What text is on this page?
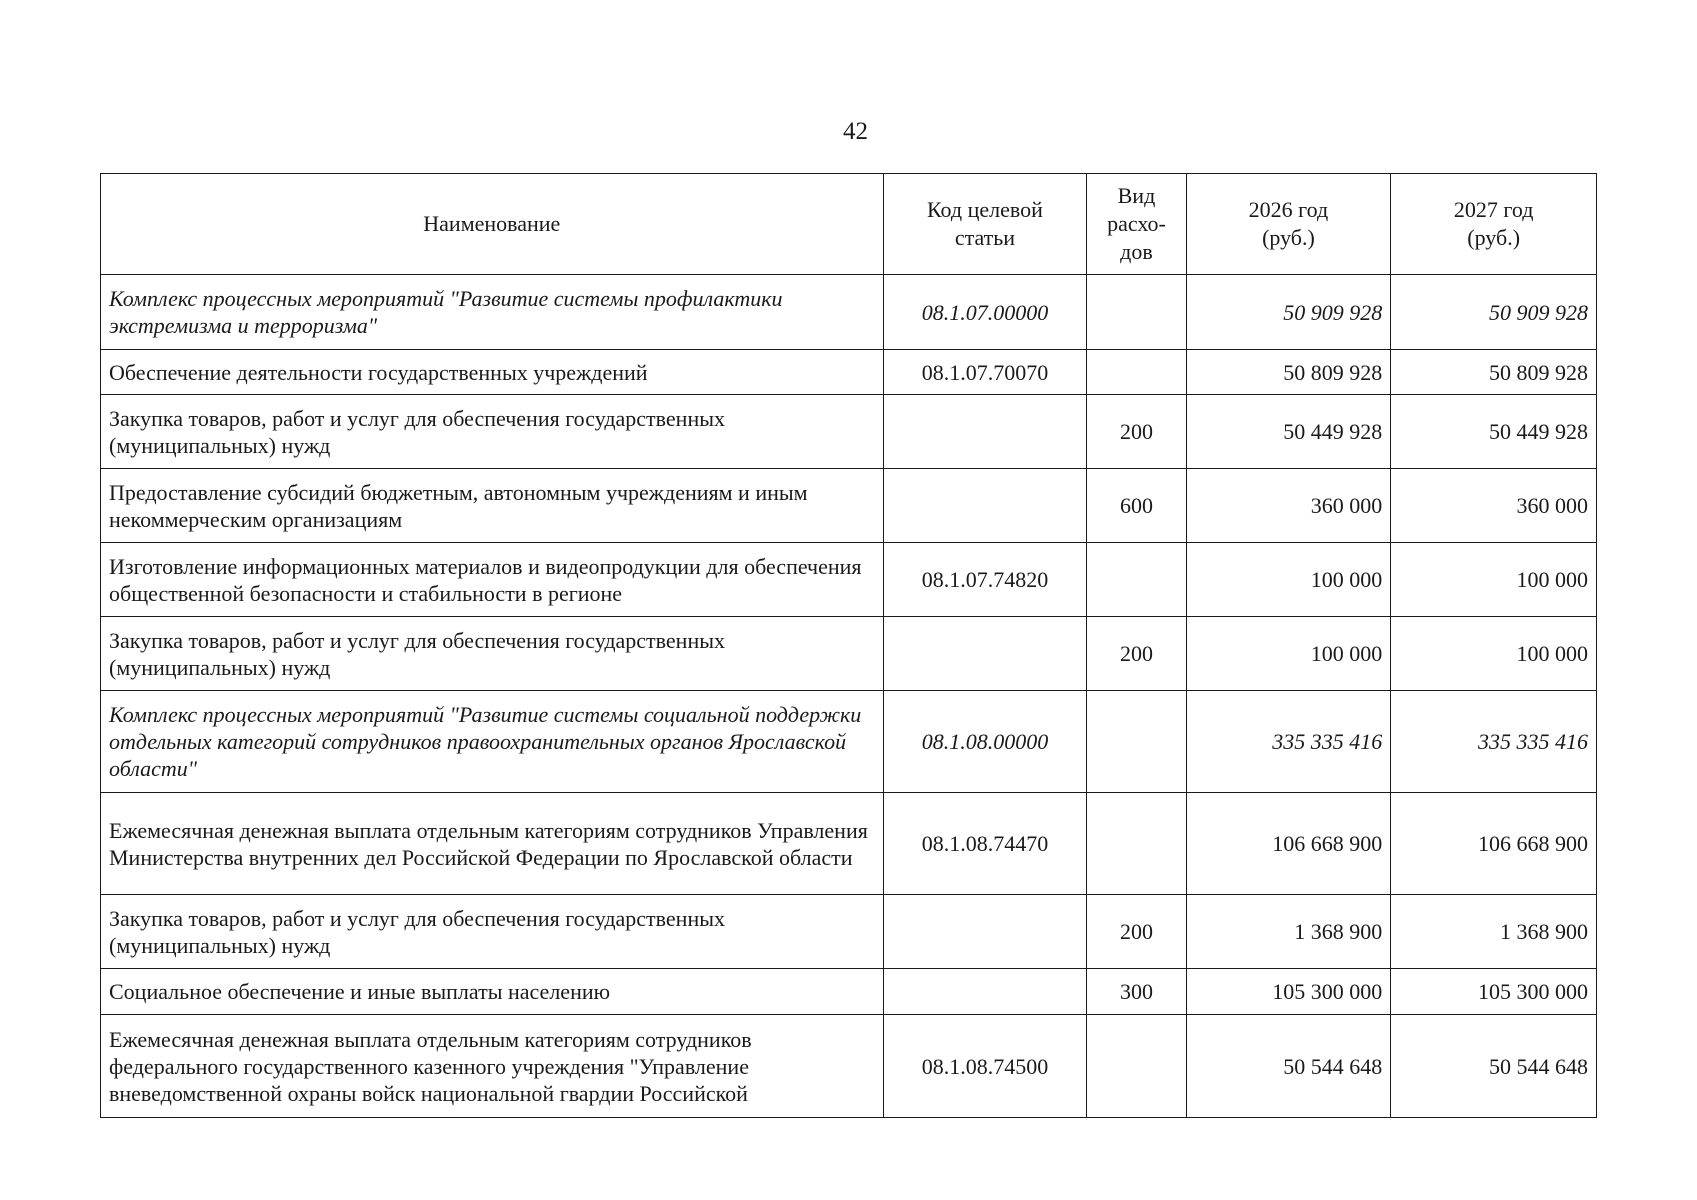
42
Наименование	Код целевой статьи	Вид расхо-дов	2026 год (руб.)	2027 год (руб.)
Комплекс процессных мероприятий "Развитие системы профилактики экстремизма и терроризма"	08.1.07.00000		50 909 928	50 909 928
Обеспечение деятельности государственных учреждений	08.1.07.70070		50 809 928	50 809 928
Закупка товаров, работ и услуг для обеспечения государственных (муниципальных) нужд		200	50 449 928	50 449 928
Предоставление субсидий бюджетным, автономным учреждениям и иным некоммерческим организациям		600	360 000	360 000
Изготовление информационных материалов и видеопродукции для обеспечения общественной безопасности и стабильности в регионе	08.1.07.74820		100 000	100 000
Закупка товаров, работ и услуг для обеспечения государственных (муниципальных) нужд		200	100 000	100 000
Комплекс процессных мероприятий "Развитие системы социальной поддержки отдельных категорий сотрудников правоохранительных органов Ярославской области"	08.1.08.00000		335 335 416	335 335 416
Ежемесячная денежная выплата отдельным категориям сотрудников Управления Министерства внутренних дел Российской Федерации по Ярославской области	08.1.08.74470		106 668 900	106 668 900
Закупка товаров, работ и услуг для обеспечения государственных (муниципальных) нужд		200	1 368 900	1 368 900
Социальное обеспечение и иные выплаты населению		300	105 300 000	105 300 000
Ежемесячная денежная выплата отдельным категориям сотрудников федерального государственного казенного учреждения "Управление вневедомственной охраны войск национальной гвардии Российской	08.1.08.74500		50 544 648	50 544 648
